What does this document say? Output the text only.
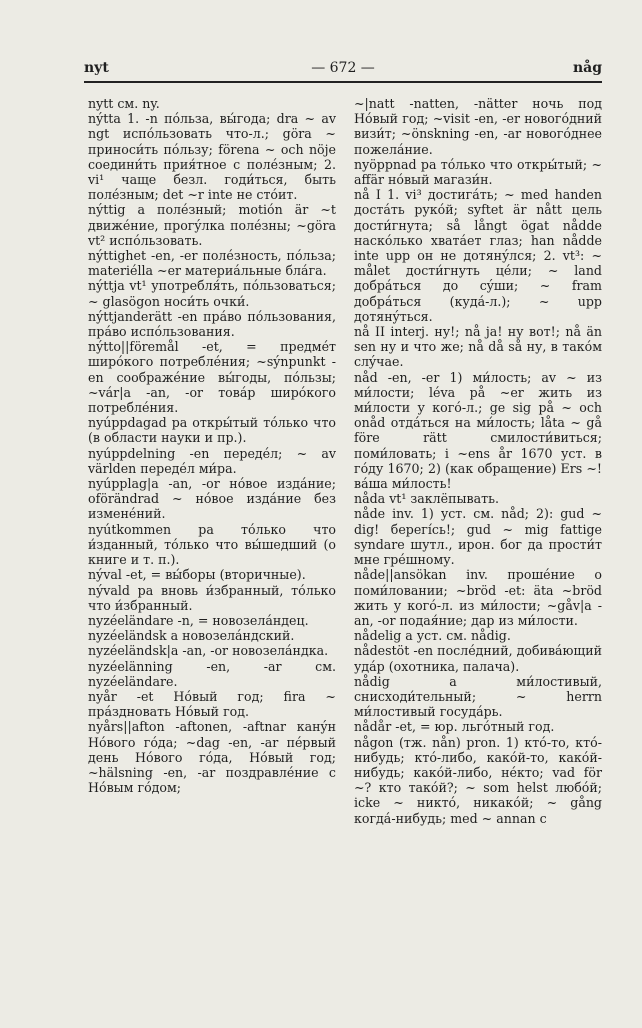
nyt	— 672 —	någ

nytt см. ny.

nýtta 1. -n пóльза, вы́года; dra ~ av ngt испóльзовать что-л.; göra ~ приноси́ть пóльзу; förena ~ och nöje соедини́ть прия́тное с полéзным; 2. vi¹ чаще безл. годи́ться, быть полéзным; det ~r inte не стóит.

nýttig a полéзный; motión är ~t движéние, прогýлка полéзны; ~göra vt² испóльзовать.

nýttighet -en, -er полéзность, пóльза; materiélla ~er материáльные блáга.

nýttja vt¹ употребля́ть, пóльзоваться; ~ glasögon носи́ть очки́.

nýttjanderätt -en прáво пóльзования, прáво испóльзования.

nýtto||föremål -et, = предмéт ширóкого потреблéния; ~sýnpunkt -en соображéние вы́годы, пóльзы; ~vár|a -an, -or товáр ширóкого потреблéния.

nyúppdagad pa откры́тый тóлько что (в области науки и пр.).

nyúppdelning -en передéл; ~ av världen передéл ми́ра.

nyúpplag|a -an, -or нóвое издáние; oförändrad ~ нóвое издáние без изменéний.

nyútkommen pa тóлько что и́зданный, тóлько что вы́шедший (о книге и т. п.).

nýval -et, = вы́боры (вторичные).

nývald pa вновь и́збранный, тóлько что и́збранный.

nyzéeländare -n, = новозелáндец.

nyzéeländsk a новозелáндский.

nyzéeländsk|a -an, -or новозелáндка.

nyzéelänning -en, -ar см. nyzéeländare.

nyår -et Нóвый год; fira ~ прáздновать Нóвый год.

nyårs||afton -aftonen, -aftnar канýн Нóвого гóда; ~dag -en, -ar пéрвый день Нóвого гóда, Нóвый год; ~hälsning -en, -ar поздравлéние с Нóвым гóдом;

~|natt -natten, -nätter ночь под Нóвый год; ~visit -en, -er новогóдний визи́т; ~önskning -en, -ar новогóднее пожелáние.

nyöppnad pa тóлько что откры́тый; ~ affär нóвый магази́н.

nå I 1. vi³ достигáть; ~ med handen достáть рукóй; syftet är nått цель дости́гнута; så långt ögat nådde наскóлько хватáет глаз; han nådde inte upp он не дотянýлся; 2. vt³: ~ målet дости́гнуть цéли; ~ land добрáться до сýши; ~ fram добрáться (кудá-л.); ~ upp дотянýться.

nå II interj. ну!; nå ja! ну вот!; nå än sen ну и что же; nå då så ну, в такóм слýчае.

nåd -en, -er 1) ми́лость; av ~ из ми́лости; léva på ~er жить из ми́лости у когó-л.; ge sig på ~ och onåd отдáться на ми́лость; låta ~ gå före rätt смилости́виться; поми́ловать; i ~ens år 1670 уст. в гóду 1670; 2) (как обращение) Ers ~! вáша ми́лость!

nåda vt¹ заклёпывать.

nåde inv. 1) уст. см. nåd; 2): gud ~ dig! берегíсь!; gud ~ mig fattige syndare шутл., ирон. бог да прости́т мне грéшному.

nåde||ansökan inv. прошéние о поми́ловании; ~bröd -et: äta ~bröd жить у когó-л. из ми́лости; ~gåv|a -an, -or подая́ние; дар из ми́лости.

nådelig a уст. см. nådig.

nådestöt -en послéдний, добивáющий удáр (охотника, палача).

nådig a ми́лостивый, снисходи́тельный; ~ herrn ми́лостивый госудáрь.

nådår -et, = юр. льгóтный год.

någon (тж. nån) pron. 1) ктó-то, ктó-нибудь; ктó-либо, какóй-то, какóй-нибудь; какóй-либо, нéкто; vad för ~? кто такóй?; ~ som helst любóй; icke ~ никтó, никакóй; ~ gång когдá-нибудь; med ~ annan с
